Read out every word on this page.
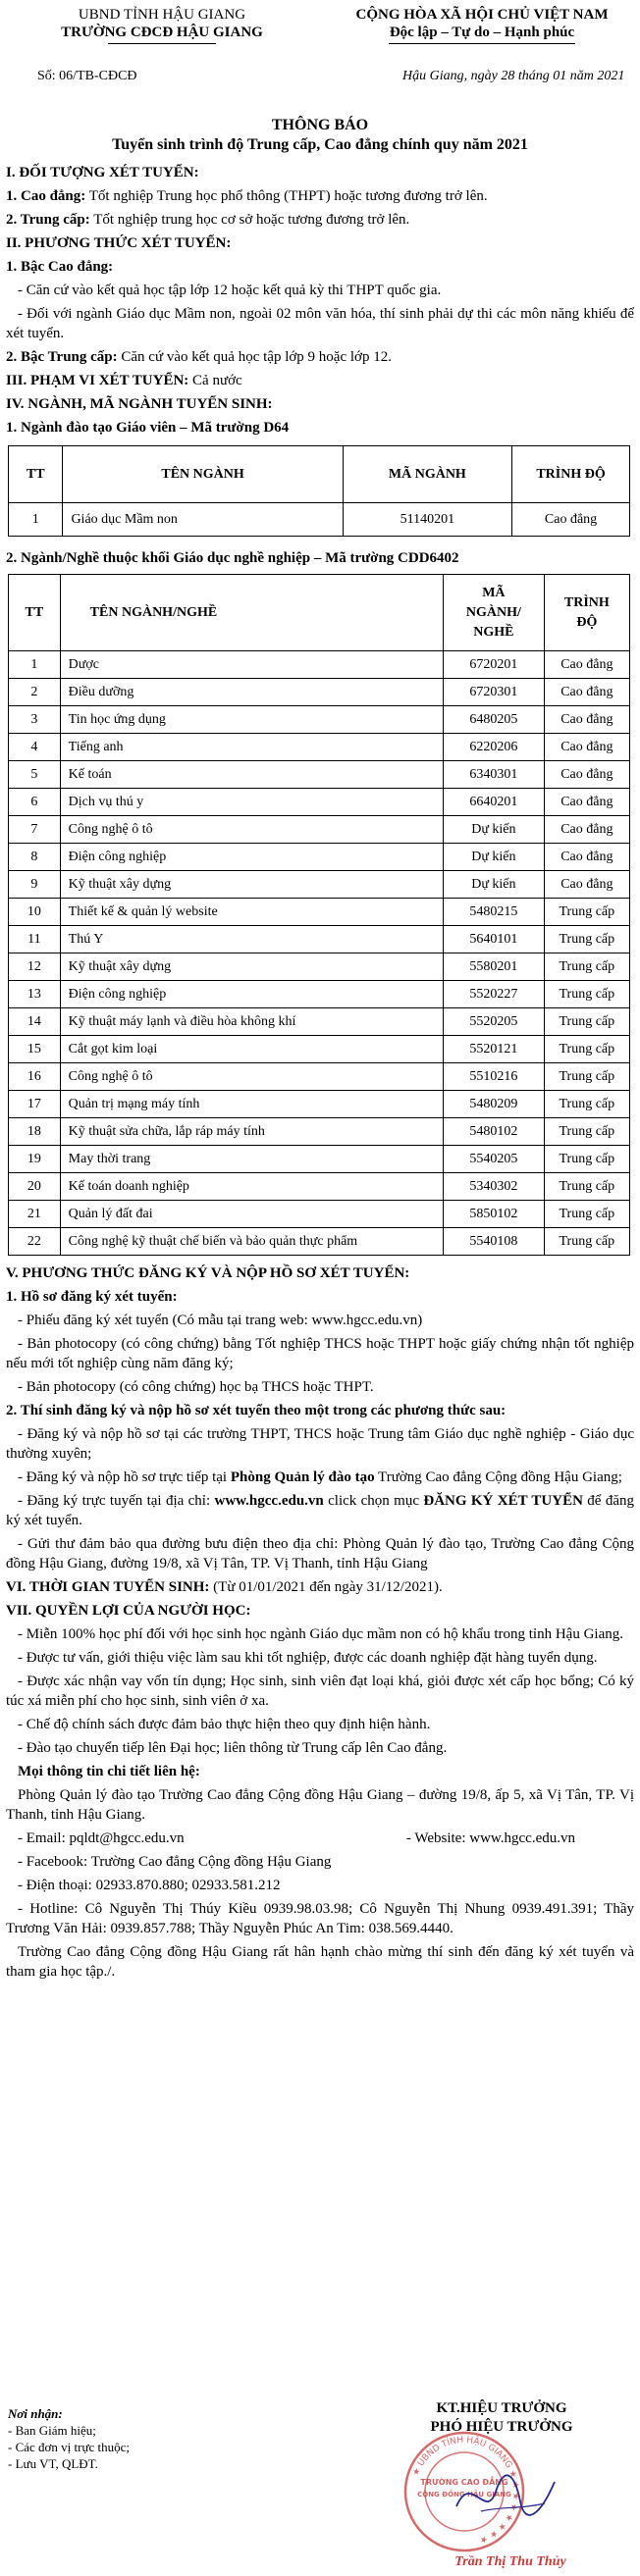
UBND TỈNH HẬU GIANG
TRƯỜNG CĐCĐ HẬU GIANG
CỘNG HÒA XÃ HỘI CHỦ VIỆT NAM
Độc lập – Tự do – Hạnh phúc
Số: 06/TB-CĐCĐ	Hậu Giang, ngày 28 tháng 01 năm 2021
THÔNG BÁO
Tuyển sinh trình độ Trung cấp, Cao đẳng chính quy năm 2021

I. ĐỐI TƯỢNG XÉT TUYỂN:

1. Cao đẳng: Tốt nghiệp Trung học phổ thông (THPT) hoặc tương đương trở lên.

2. Trung cấp: Tốt nghiệp trung học cơ sở hoặc tương đương trở lên.

II. PHƯƠNG THỨC XÉT TUYỂN:

1. Bậc Cao đẳng:

- Căn cứ vào kết quả học tập lớp 12 hoặc kết quả kỳ thi THPT quốc gia.

- Đối với ngành Giáo dục Mầm non, ngoài 02 môn văn hóa, thí sinh phải dự thi các môn năng khiếu để xét tuyển.

2. Bậc Trung cấp: Căn cứ vào kết quả học tập lớp 9 hoặc lớp 12.

III. PHẠM VI XÉT TUYỂN: Cả nước

IV. NGÀNH, MÃ NGÀNH TUYỂN SINH:

1. Ngành đào tạo Giáo viên – Mã trường D64

TT	TÊN NGÀNH	MÃ NGÀNH	TRÌNH ĐỘ
1	Giáo dục Mầm non	51140201	Cao đẳng

2. Ngành/Nghề thuộc khối Giáo dục nghề nghiệp – Mã trường CDD6402

TT	TÊN NGÀNH/NGHỀ	MÃ NGÀNH/ NGHỀ	TRÌNH ĐỘ
1	Dược	6720201	Cao đẳng
2	Điều dưỡng	6720301	Cao đẳng
3	Tin học ứng dụng	6480205	Cao đẳng
4	Tiếng anh	6220206	Cao đẳng
5	Kế toán	6340301	Cao đẳng
6	Dịch vụ thú y	6640201	Cao đẳng
7	Công nghệ ô tô	Dự kiến	Cao đẳng
8	Điện công nghiệp	Dự kiến	Cao đẳng
9	Kỹ thuật xây dựng	Dự kiến	Cao đẳng
10	Thiết kế & quản lý website	5480215	Trung cấp
11	Thú Y	5640101	Trung cấp
12	Kỹ thuật xây dựng	5580201	Trung cấp
13	Điện công nghiệp	5520227	Trung cấp
14	Kỹ thuật máy lạnh và điều hòa không khí	5520205	Trung cấp
15	Cắt gọt kim loại	5520121	Trung cấp
16	Công nghệ ô tô	5510216	Trung cấp
17	Quản trị mạng máy tính	5480209	Trung cấp
18	Kỹ thuật sửa chữa, lắp ráp máy tính	5480102	Trung cấp
19	May thời trang	5540205	Trung cấp
20	Kế toán doanh nghiệp	5340302	Trung cấp
21	Quản lý đất đai	5850102	Trung cấp
22	Công nghệ kỹ thuật chế biến và bảo quản thực phẩm	5540108	Trung cấp

V. PHƯƠNG THỨC ĐĂNG KÝ VÀ NỘP HỒ SƠ XÉT TUYỂN:

1. Hồ sơ đăng ký xét tuyển:

- Phiếu đăng ký xét tuyển (Có mẫu tại trang web: www.hgcc.edu.vn)

- Bản photocopy (có công chứng) bằng Tốt nghiệp THCS hoặc THPT hoặc giấy chứng nhận tốt nghiệp nếu mới tốt nghiệp cùng năm đăng ký;

- Bản photocopy (có công chứng) học bạ THCS hoặc THPT.

2. Thí sinh đăng ký và nộp hồ sơ xét tuyển theo một trong các phương thức sau:

- Đăng ký và nộp hồ sơ tại các trường THPT, THCS hoặc Trung tâm Giáo dục nghề nghiệp - Giáo dục thường xuyên;

- Đăng ký và nộp hồ sơ trực tiếp tại Phòng Quản lý đào tạo Trường Cao đẳng Cộng đồng Hậu Giang;

- Đăng ký trực tuyến tại địa chỉ: www.hgcc.edu.vn click chọn mục ĐĂNG KÝ XÉT TUYỂN để đăng ký xét tuyển.

- Gửi thư đảm bảo qua đường bưu điện theo địa chỉ: Phòng Quản lý đào tạo, Trường Cao đẳng Cộng đồng Hậu Giang, đường 19/8, xã Vị Tân, TP. Vị Thanh, tỉnh Hậu Giang

VI. THỜI GIAN TUYỂN SINH: (Từ 01/01/2021 đến ngày 31/12/2021).

VII. QUYỀN LỢI CỦA NGƯỜI HỌC:

- Miễn 100% học phí đối với học sinh học ngành Giáo dục mầm non có hộ khẩu trong tỉnh Hậu Giang.

- Được tư vấn, giới thiệu việc làm sau khi tốt nghiệp, được các doanh nghiệp đặt hàng tuyển dụng.

- Được xác nhận vay vốn tín dụng; Học sinh, sinh viên đạt loại khá, giỏi được xét cấp học bổng; Có ký túc xá miễn phí cho học sinh, sinh viên ở xa.

- Chế độ chính sách được đảm bảo thực hiện theo quy định hiện hành.

- Đào tạo chuyển tiếp lên Đại học; liên thông từ Trung cấp lên Cao đẳng.

Mọi thông tin chi tiết liên hệ:

Phòng Quản lý đào tạo Trường Cao đẳng Cộng đồng Hậu Giang – đường 19/8, ấp 5, xã Vị Tân, TP. Vị Thanh, tỉnh Hậu Giang.

- Email: pqldt@hgcc.edu.vn	- Website: www.hgcc.edu.vn

- Facebook: Trường Cao đẳng Cộng đồng Hậu Giang

- Điện thoại: 02933.870.880; 02933.581.212

- Hotline: Cô Nguyễn Thị Thúy Kiều 0939.98.03.98; Cô Nguyễn Thị Nhung 0939.491.391; Thầy Trương Văn Hải: 0939.857.788; Thầy Nguyễn Phúc An Tim: 038.569.4440.

Trường Cao đẳng Cộng đồng Hậu Giang rất hân hạnh chào mừng thí sinh đến đăng ký xét tuyển và tham gia học tập./.

Nơi nhận:
- Ban Giám hiệu;
- Các đơn vị trực thuộc;
- Lưu VT, QLĐT.
KT.HIỆU TRƯỞNG
PHÓ HIỆU TRƯỞNG
★ UBND TỈNH HẬU GIANG ★ ★ ★ ★ ★ ★ ★ ★
TRƯỜNG CAO ĐẲNG
CỘNG ĐỒNG HẬU GIANG
Trần Thị Thu Thủy
